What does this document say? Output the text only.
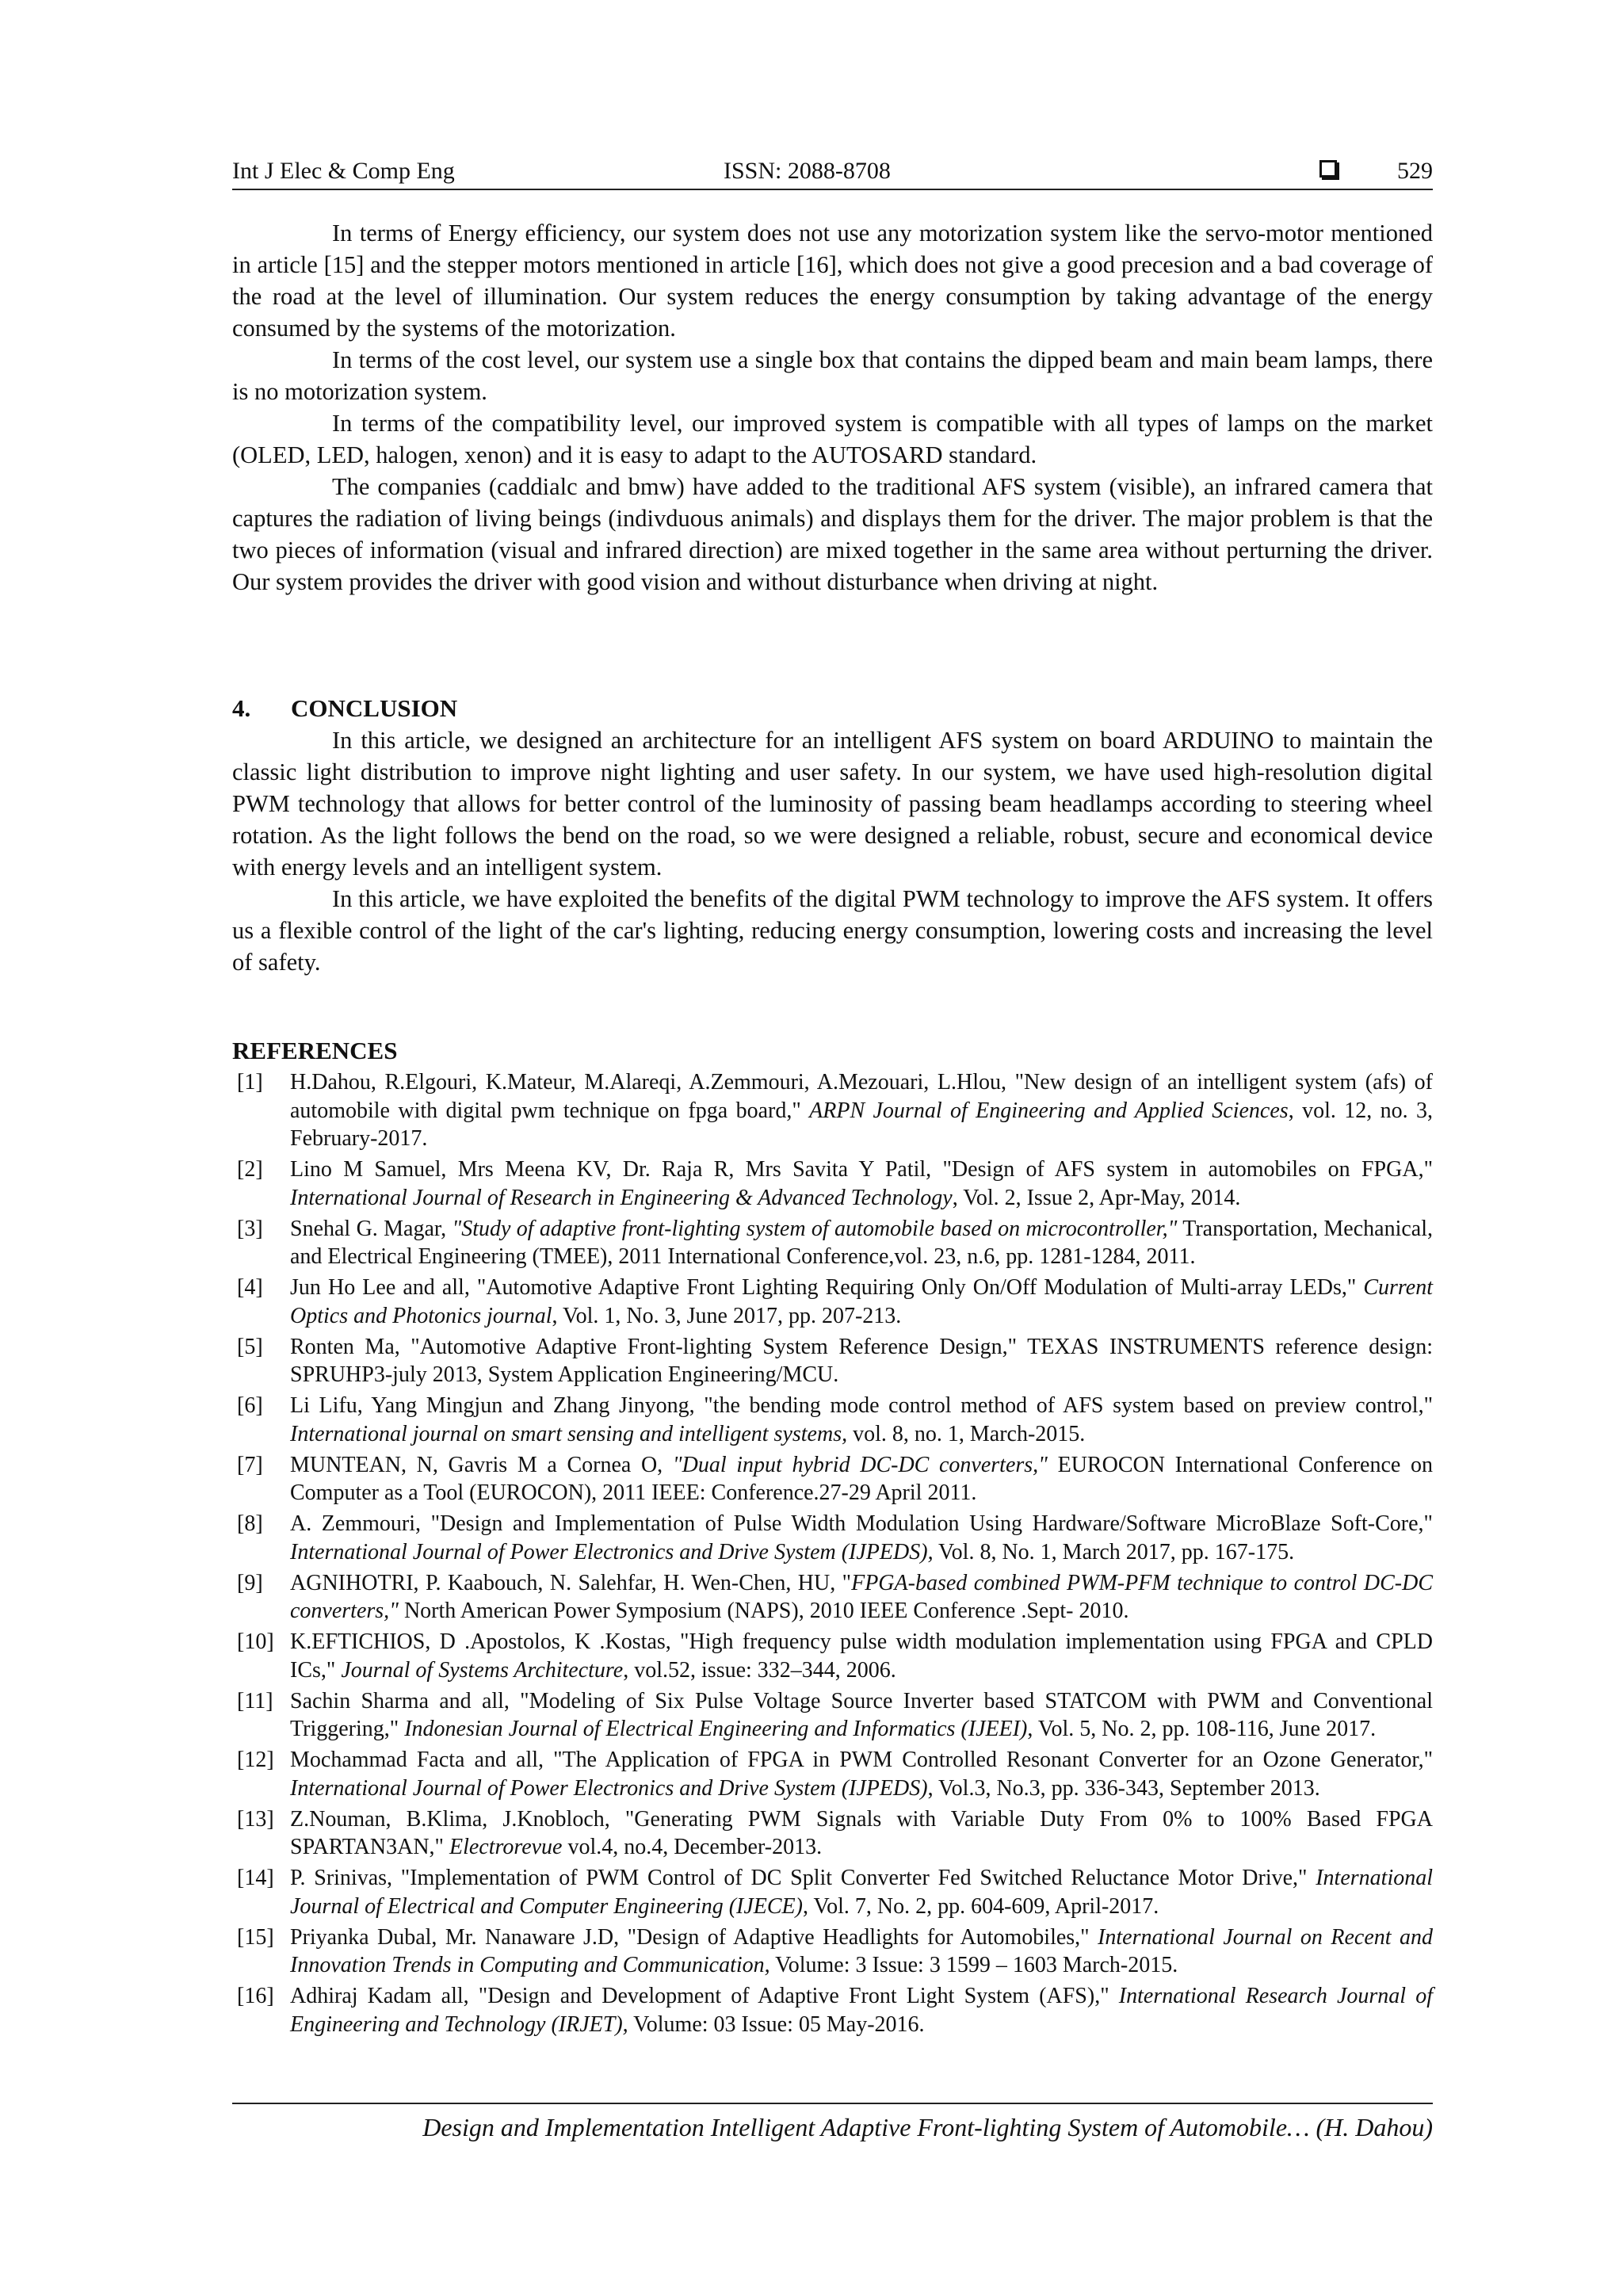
Int J Elec & Comp Eng	ISSN: 2088-8708	529

In terms of Energy efficiency, our system does not use any motorization system like the servo-motor mentioned in article [15] and the stepper motors mentioned in article [16], which does not give a good precesion and a bad coverage of the road at the level of illumination. Our system reduces the energy consumption by taking advantage of the energy consumed by the systems of the motorization.

In terms of the cost level, our system use a single box that contains the dipped beam and main beam lamps, there is no motorization system.

In terms of the compatibility level, our improved system is compatible with all types of lamps on the market (OLED, LED, halogen, xenon) and it is easy to adapt to the AUTOSARD standard.

The companies (caddialc and bmw) have added to the traditional AFS system (visible), an infrared camera that captures the radiation of living beings (indivduous animals) and displays them for the driver. The major problem is that the two pieces of information (visual and infrared direction) are mixed together in the same area without perturning the driver. Our system provides the driver with good vision and without disturbance when driving at night.

4. CONCLUSION

In this article, we designed an architecture for an intelligent AFS system on board ARDUINO to maintain the classic light distribution to improve night lighting and user safety. In our system, we have used high-resolution digital PWM technology that allows for better control of the luminosity of passing beam headlamps according to steering wheel rotation. As the light follows the bend on the road, so we were designed a reliable, robust, secure and economical device with energy levels and an intelligent system.

In this article, we have exploited the benefits of the digital PWM technology to improve the AFS system. It offers us a flexible control of the light of the car's lighting, reducing energy consumption, lowering costs and increasing the level of safety.

REFERENCES
[1] H.Dahou, R.Elgouri, K.Mateur, M.Alareqi, A.Zemmouri, A.Mezouari, L.Hlou, "New design of an intelligent system (afs) of automobile with digital pwm technique on fpga board," ARPN Journal of Engineering and Applied Sciences, vol. 12, no. 3, February-2017.
[2] Lino M Samuel, Mrs Meena KV, Dr. Raja R, Mrs Savita Y Patil, "Design of AFS system in automobiles on FPGA," International Journal of Research in Engineering & Advanced Technology, Vol. 2, Issue 2, Apr-May, 2014.
[3] Snehal G. Magar, "Study of adaptive front-lighting system of automobile based on microcontroller," Transportation, Mechanical, and Electrical Engineering (TMEE), 2011 International Conference,vol. 23, n.6, pp. 1281-1284, 2011.
[4] Jun Ho Lee and all, "Automotive Adaptive Front Lighting Requiring Only On/Off Modulation of Multi-array LEDs," Current Optics and Photonics journal, Vol. 1, No. 3, June 2017, pp. 207-213.
[5] Ronten Ma, "Automotive Adaptive Front-lighting System Reference Design," TEXAS INSTRUMENTS reference design: SPRUHP3-july 2013, System Application Engineering/MCU.
[6] Li Lifu, Yang Mingjun and Zhang Jinyong, "the bending mode control method of AFS system based on preview control," International journal on smart sensing and intelligent systems, vol. 8, no. 1, March-2015.
[7] MUNTEAN, N, Gavris M a Cornea O, "Dual input hybrid DC-DC converters," EUROCON International Conference on Computer as a Tool (EUROCON), 2011 IEEE: Conference.27-29 April 2011.
[8] A. Zemmouri, "Design and Implementation of Pulse Width Modulation Using Hardware/Software MicroBlaze Soft-Core," International Journal of Power Electronics and Drive System (IJPEDS), Vol. 8, No. 1, March 2017, pp. 167-175.
[9] AGNIHOTRI, P. Kaabouch, N. Salehfar, H. Wen-Chen, HU, "FPGA-based combined PWM-PFM technique to control DC-DC converters," North American Power Symposium (NAPS), 2010 IEEE Conference .Sept- 2010.
[10] K.EFTICHIOS, D .Apostolos, K .Kostas, "High frequency pulse width modulation implementation using FPGA and CPLD ICs," Journal of Systems Architecture, vol.52, issue: 332–344, 2006.
[11] Sachin Sharma and all, "Modeling of Six Pulse Voltage Source Inverter based STATCOM with PWM and Conventional Triggering," Indonesian Journal of Electrical Engineering and Informatics (IJEEI), Vol. 5, No. 2, pp. 108-116, June 2017.
[12] Mochammad Facta and all, "The Application of FPGA in PWM Controlled Resonant Converter for an Ozone Generator," International Journal of Power Electronics and Drive System (IJPEDS), Vol.3, No.3, pp. 336-343, September 2013.
[13] Z.Nouman, B.Klima, J.Knobloch, "Generating PWM Signals with Variable Duty From 0% to 100% Based FPGA SPARTAN3AN," Electrorevue vol.4, no.4, December-2013.
[14] P. Srinivas, "Implementation of PWM Control of DC Split Converter Fed Switched Reluctance Motor Drive," International Journal of Electrical and Computer Engineering (IJECE), Vol. 7, No. 2, pp. 604-609, April-2017.
[15] Priyanka Dubal, Mr. Nanaware J.D, "Design of Adaptive Headlights for Automobiles," International Journal on Recent and Innovation Trends in Computing and Communication, Volume: 3 Issue: 3 1599 – 1603 March-2015.
[16] Adhiraj Kadam all, "Design and Development of Adaptive Front Light System (AFS)," International Research Journal of Engineering and Technology (IRJET), Volume: 03 Issue: 05 May-2016.
Design and Implementation Intelligent Adaptive Front-lighting System of Automobile… (H. Dahou)
